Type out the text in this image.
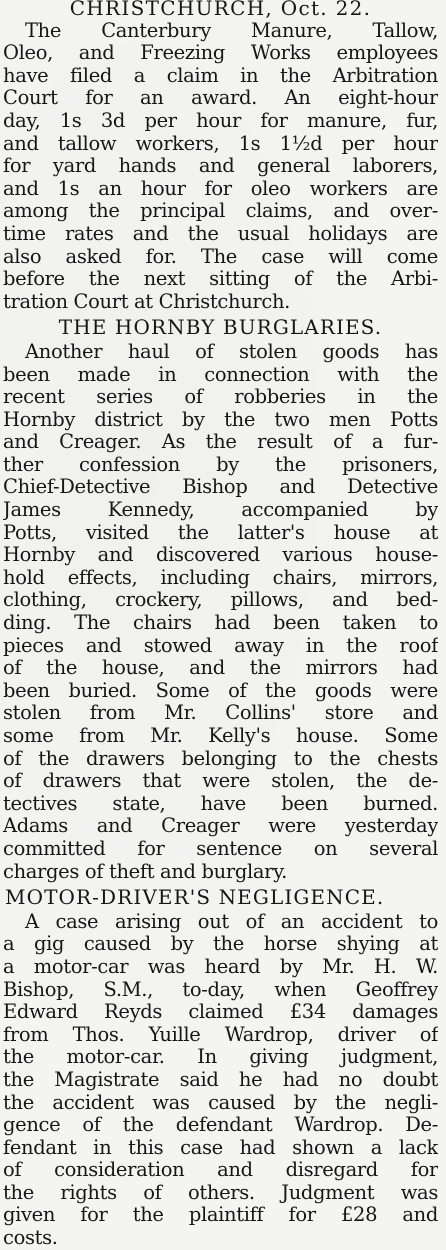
CHRISTCHURCH, Oct. 22.
The Canterbury Manure, Tallow,
Oleo, and Freezing Works employees
have filed a claim in the Arbitration
Court for an award. An eight-hour
day, 1s 3d per hour for manure, fur,
and tallow workers, 1s 1½d per hour
for yard hands and general laborers,
and 1s an hour for oleo workers are
among the principal claims, and over-
time rates and the usual holidays are
also asked for. The case will come
before the next sitting of the Arbi-
tration Court at Christchurch.
THE HORNBY BURGLARIES.
Another haul of stolen goods has
been made in connection with the
recent series of robberies in the
Hornby district by the two men Potts
and Creager. As the result of a fur-
ther confession by the prisoners,
Chief-Detective Bishop and Detective
James Kennedy, accompanied by
Potts, visited the latter's house at
Hornby and discovered various house-
hold effects, including chairs, mirrors,
clothing, crockery, pillows, and bed-
ding. The chairs had been taken to
pieces and stowed away in the roof
of the house, and the mirrors had
been buried. Some of the goods were
stolen from Mr. Collins' store and
some from Mr. Kelly's house. Some
of the drawers belonging to the chests
of drawers that were stolen, the de-
tectives state, have been burned.
Adams and Creager were yesterday
committed for sentence on several
charges of theft and burglary.
MOTOR-DRIVER'S NEGLIGENCE.
A case arising out of an accident to
a gig caused by the horse shying at
a motor-car was heard by Mr. H. W.
Bishop, S.M., to-day, when Geoffrey
Edward Reyds claimed £34 damages
from Thos. Yuille Wardrop, driver of
the motor-car. In giving judgment,
the Magistrate said he had no doubt
the accident was caused by the negli-
gence of the defendant Wardrop. De-
fendant in this case had shown a lack
of consideration and disregard for
the rights of others. Judgment was
given for the plaintiff for £28 and
costs.
